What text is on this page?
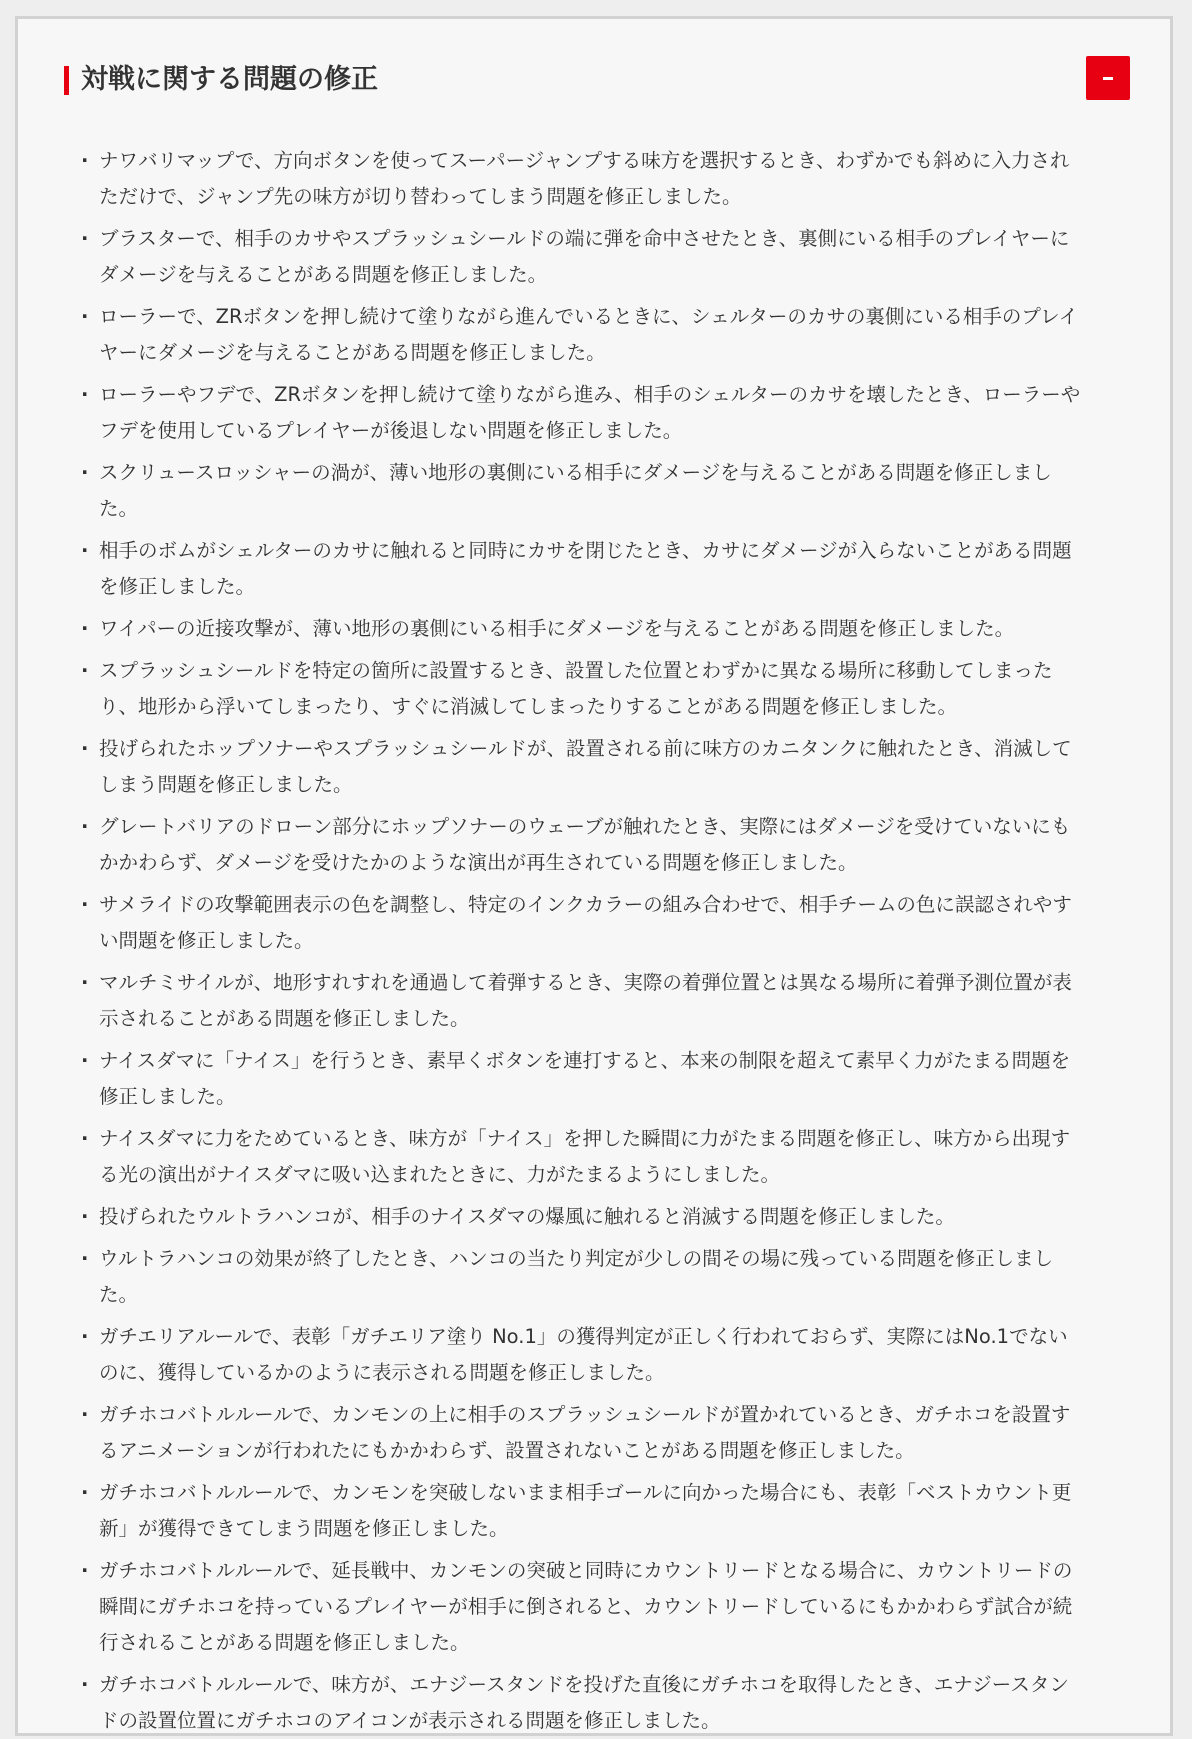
対戦に関する問題の修正
· ナワバリマップで、方向ボタンを使ってスーパージャンプする味方を選択するとき、わずかでも斜めに入力されただけで、ジャンプ先の味方が切り替わってしまう問題を修正しました。
· ブラスターで、相手のカサやスプラッシュシールドの端に弾を命中させたとき、裏側にいる相手のプレイヤーにダメージを与えることがある問題を修正しました。
· ローラーで、ZRボタンを押し続けて塗りながら進んでいるときに、シェルターのカサの裏側にいる相手のプレイヤーにダメージを与えることがある問題を修正しました。
· ローラーやフデで、ZRボタンを押し続けて塗りながら進み、相手のシェルターのカサを壊したとき、ローラーやフデを使用しているプレイヤーが後退しない問題を修正しました。
· スクリュースロッシャーの渦が、薄い地形の裏側にいる相手にダメージを与えることがある問題を修正しました。
· 相手のボムがシェルターのカサに触れると同時にカサを閉じたとき、カサにダメージが入らないことがある問題を修正しました。
· ワイパーの近接攻撃が、薄い地形の裏側にいる相手にダメージを与えることがある問題を修正しました。
· スプラッシュシールドを特定の箇所に設置するとき、設置した位置とわずかに異なる場所に移動してしまったり、地形から浮いてしまったり、すぐに消滅してしまったりすることがある問題を修正しました。
· 投げられたホップソナーやスプラッシュシールドが、設置される前に味方のカニタンクに触れたとき、消滅してしまう問題を修正しました。
· グレートバリアのドローン部分にホップソナーのウェーブが触れたとき、実際にはダメージを受けていないにもかかわらず、ダメージを受けたかのような演出が再生されている問題を修正しました。
· サメライドの攻撃範囲表示の色を調整し、特定のインクカラーの組み合わせで、相手チームの色に誤認されやすい問題を修正しました。
· マルチミサイルが、地形すれすれを通過して着弾するとき、実際の着弾位置とは異なる場所に着弾予測位置が表示されることがある問題を修正しました。
· ナイスダマに「ナイス」を行うとき、素早くボタンを連打すると、本来の制限を超えて素早く力がたまる問題を修正しました。
· ナイスダマに力をためているとき、味方が「ナイス」を押した瞬間に力がたまる問題を修正し、味方から出現する光の演出がナイスダマに吸い込まれたときに、力がたまるようにしました。
· 投げられたウルトラハンコが、相手のナイスダマの爆風に触れると消滅する問題を修正しました。
· ウルトラハンコの効果が終了したとき、ハンコの当たり判定が少しの間その場に残っている問題を修正しました。
· ガチエリアルールで、表彰「ガチエリア塗り No.1」の獲得判定が正しく行われておらず、実際にはNo.1でないのに、獲得しているかのように表示される問題を修正しました。
· ガチホコバトルルールで、カンモンの上に相手のスプラッシュシールドが置かれているとき、ガチホコを設置するアニメーションが行われたにもかかわらず、設置されないことがある問題を修正しました。
· ガチホコバトルルールで、カンモンを突破しないまま相手ゴールに向かった場合にも、表彰「ベストカウント更新」が獲得できてしまう問題を修正しました。
· ガチホコバトルルールで、延長戦中、カンモンの突破と同時にカウントリードとなる場合に、カウントリードの瞬間にガチホコを持っているプレイヤーが相手に倒されると、カウントリードしているにもかかわらず試合が続行されることがある問題を修正しました。
· ガチホコバトルルールで、味方が、エナジースタンドを投げた直後にガチホコを取得したとき、エナジースタンドの設置位置にガチホコのアイコンが表示される問題を修正しました。
